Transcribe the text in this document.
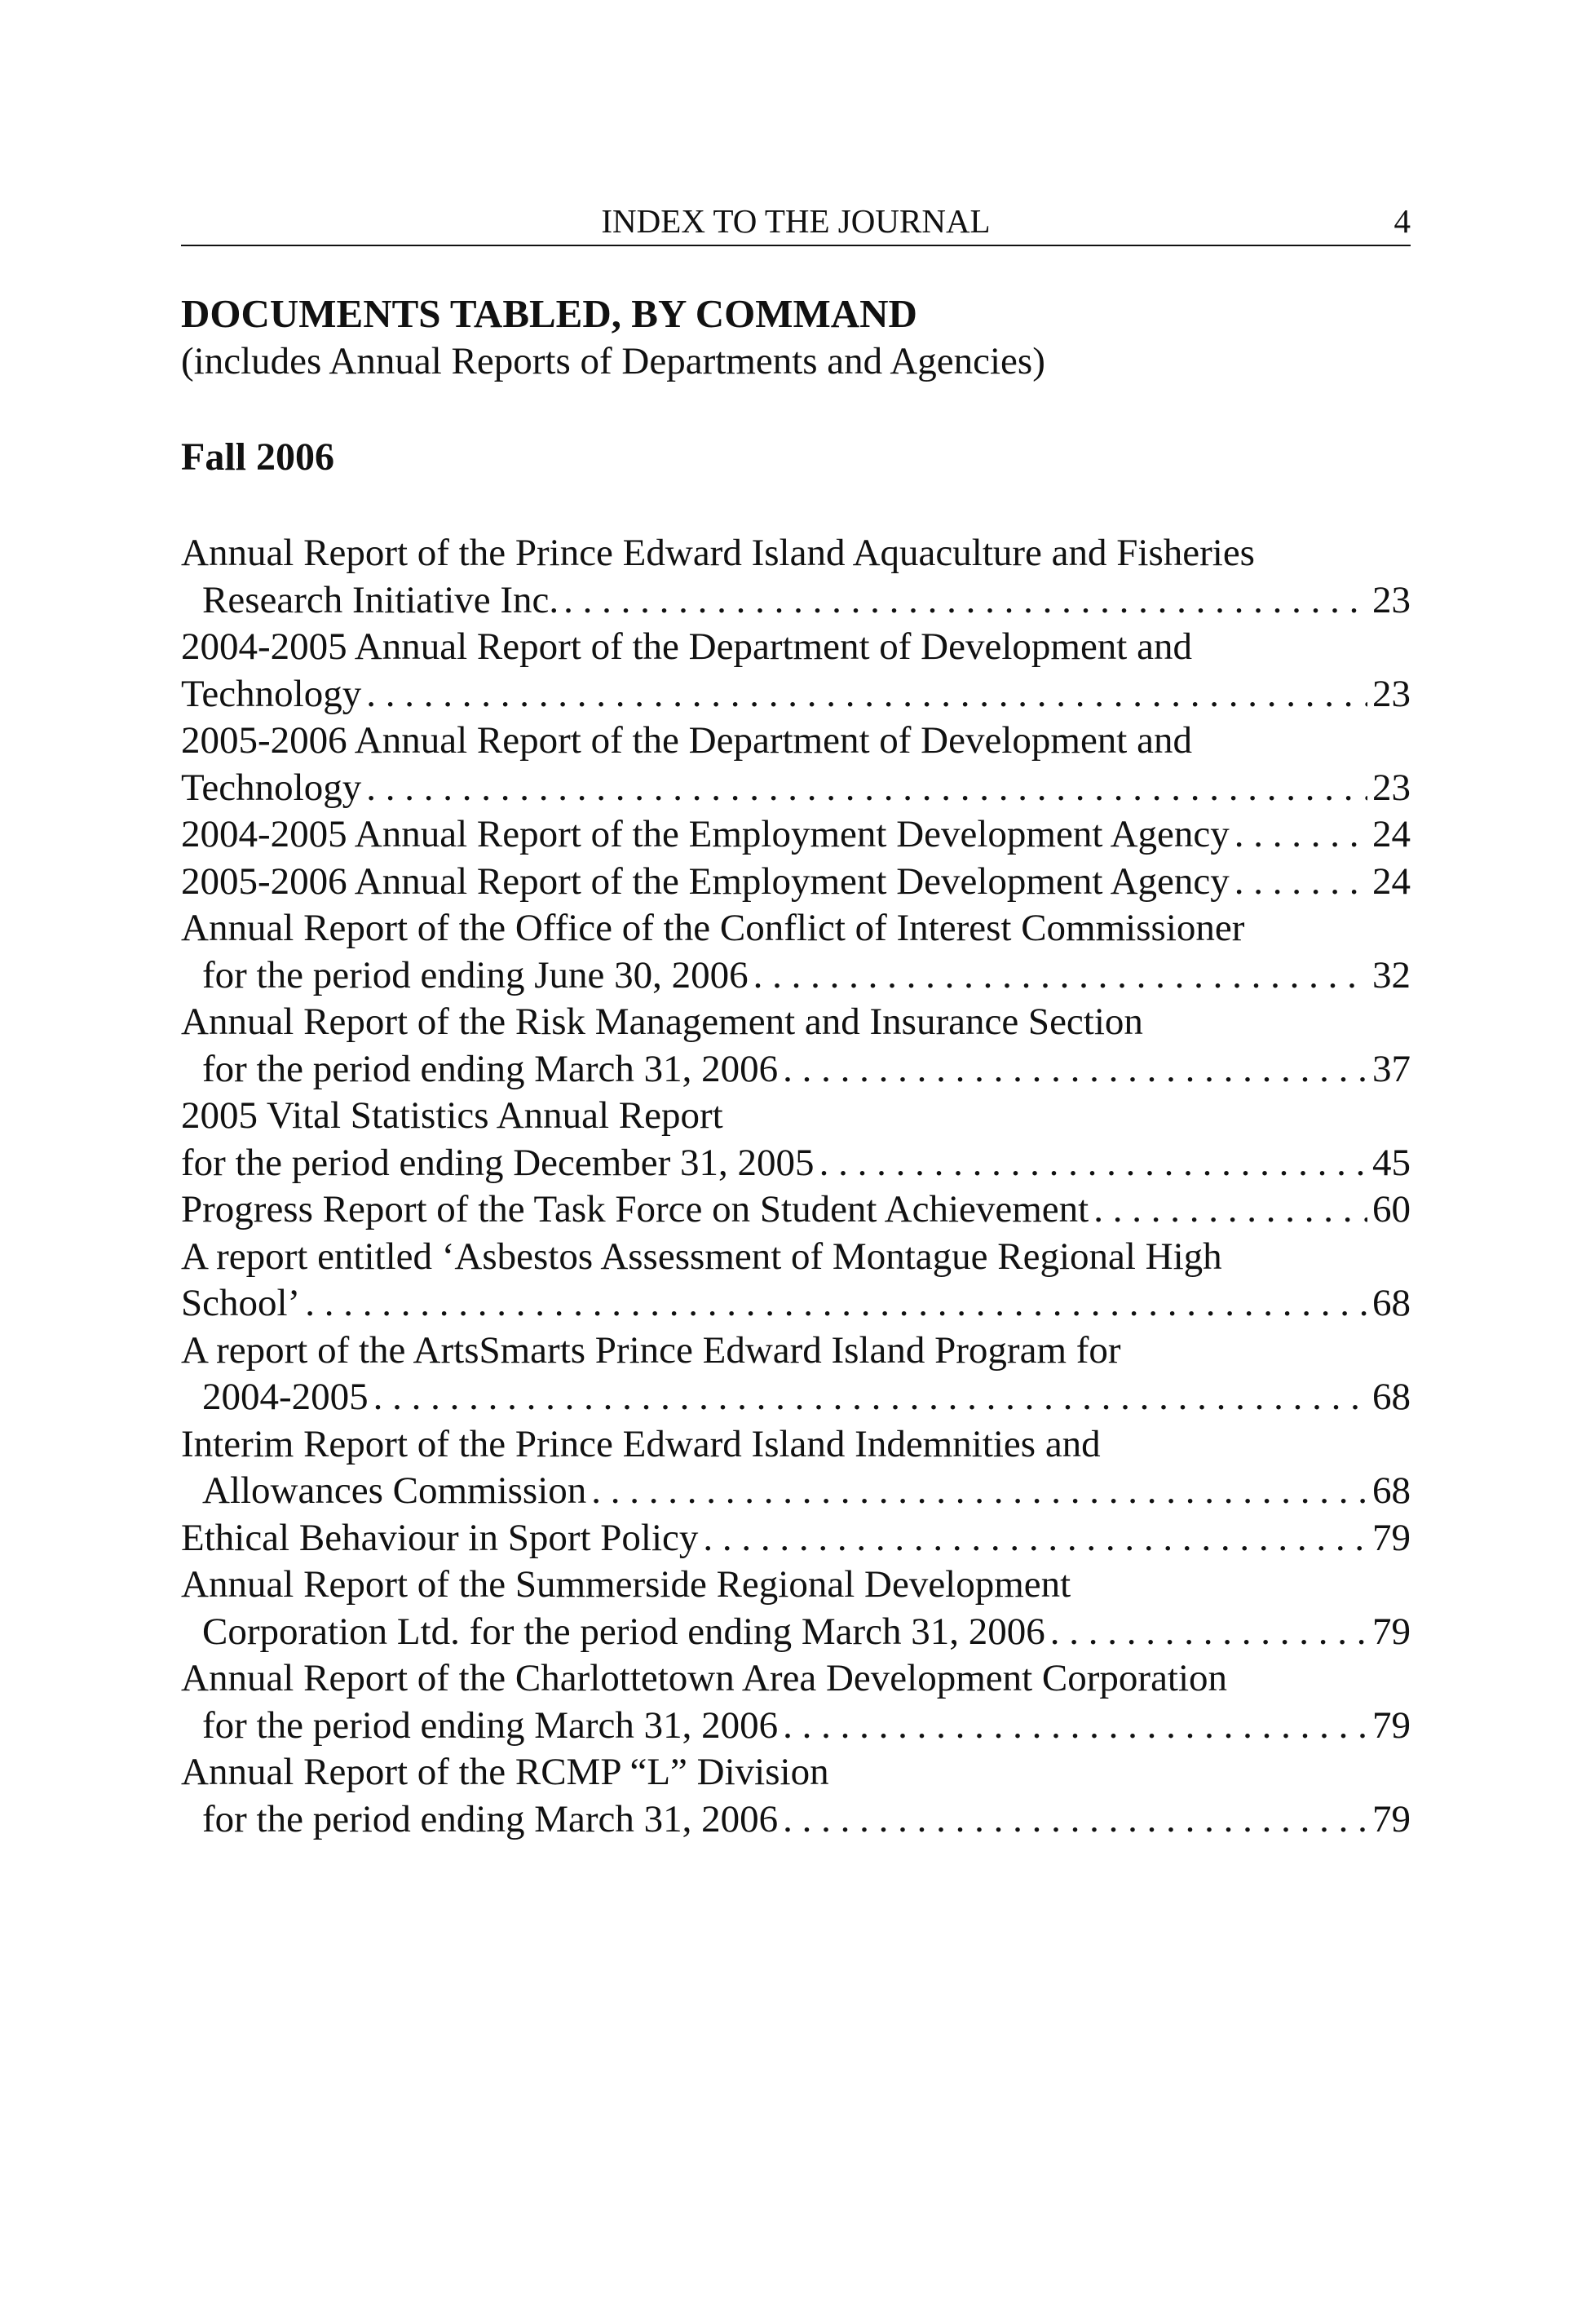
INDEX TO THE JOURNAL	4
DOCUMENTS TABLED, BY COMMAND
(includes Annual Reports of Departments and Agencies)
Fall 2006
Annual Report of the Prince Edward Island Aquaculture and Fisheries
Research Initiative Inc. . . .	23
2004-2005 Annual Report of the Department of Development and
Technology . . .	23
2005-2006 Annual Report of the Department of Development and
Technology . . .	23
2004-2005 Annual Report of the Employment Development Agency . . .	24
2005-2006 Annual Report of the Employment Development Agency . . .	24
Annual Report of the Office of the Conflict of Interest Commissioner
for the period ending June 30, 2006 . . .	32
Annual Report of the Risk Management and Insurance Section
for the period ending March 31, 2006 . . .	37
2005 Vital Statistics Annual Report
for the period ending December 31, 2005 . . .	45
Progress Report of the Task Force on Student Achievement . . .	60
A report entitled ‘Asbestos Assessment of Montague Regional High
School’ . . .	68
A report of the ArtsSmarts Prince Edward Island Program for
2004-2005 . . .	68
Interim Report of the Prince Edward Island Indemnities and
Allowances Commission . . .	68
Ethical Behaviour in Sport Policy . . .	79
Annual Report of the Summerside Regional Development
Corporation Ltd. for the period ending March 31, 2006 . . .	79
Annual Report of the Charlottetown Area Development Corporation
for the period ending March 31, 2006 . . .	79
Annual Report of the RCMP “L” Division
for the period ending March 31, 2006 . . .	79
